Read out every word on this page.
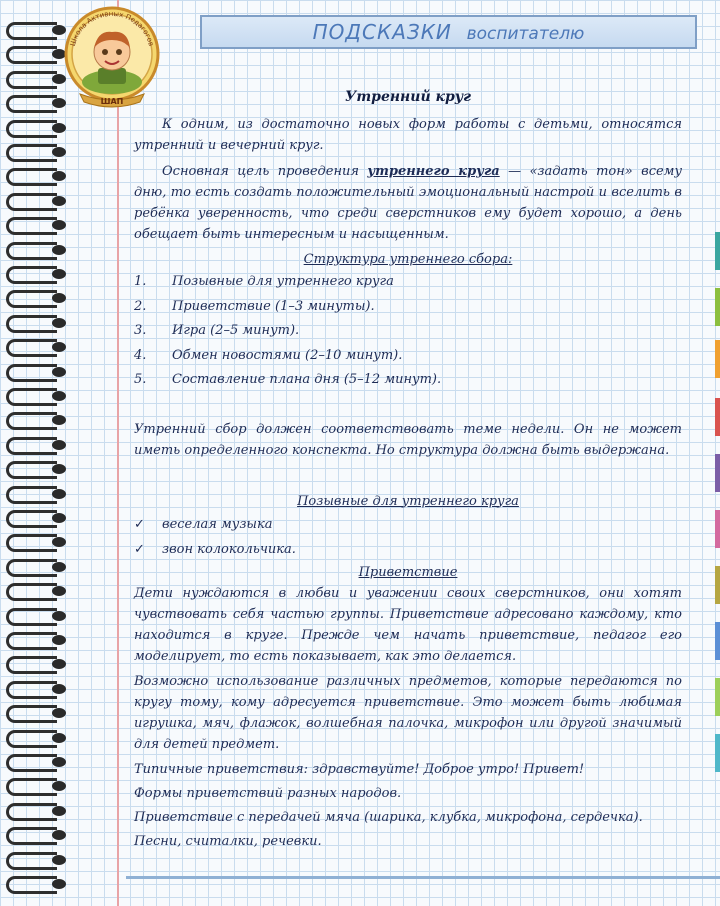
ПОДСКАЗКИ воспитателю
Школа Активных Педагогов
ШАП	Утренний круг

К одним, из достаточно новых форм работы с детьми, относятся утренний и вечерний круг.

Основная цель проведения утреннего круга — «задать тон» всему дню, то есть создать положительный эмоциональный настрой и вселить в ребёнка уверенность, что среди сверстников ему будет хорошо, а день обещает быть интересным и насыщенным.

Структура утреннего сбора:

1. Позывные для утреннего круга
2. Приветствие (1–3 минуты).
3. Игра (2–5 минут).
4. Обмен новостями (2–10 минут).
5. Составление плана дня (5–12 минут).

Утренний сбор должен соответствовать теме недели. Он не может иметь определенного конспекта. Но структура должна быть выдержана.

Позывные для утреннего круга

✓ веселая музыка
✓ звон колокольчика.

Приветствие

Дети нуждаются в любви и уважении своих сверстников, они хотят чувствовать себя частью группы. Приветствие адресовано каждому, кто находится в круге. Прежде чем начать приветствие, педагог его моделирует, то есть показывает, как это делается.

Возможно использование различных предметов, которые передаются по кругу тому, кому адресуется приветствие. Это может быть любимая игрушка, мяч, флажок, волшебная палочка, микрофон или другой значимый для детей предмет.

Типичные приветствия: здравствуйте! Доброе утро! Привет!

Формы приветствий разных народов.

Приветствие с передачей мяча (шарика, клубка, микрофона, сердечка).

Песни, считалки, речевки.
